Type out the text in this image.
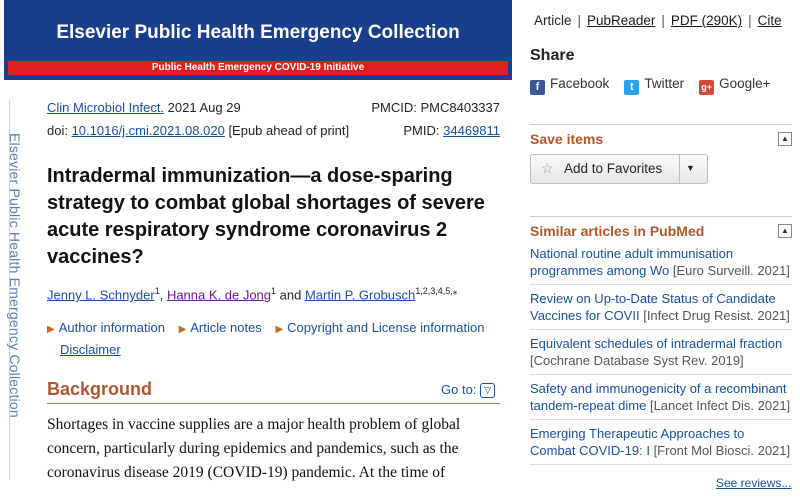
Elsevier Public Health Emergency Collection
Elsevier Public Health Emergency Collection
Public Health Emergency COVID-19 Initiative
Clin Microbiol Infect. 2021 Aug 29	PMCID: PMC8403337
doi: 10.1016/j.cmi.2021.08.020 [Epub ahead of print]	PMID: 34469811
Intradermal immunization—a dose-sparing strategy to combat global shortages of severe acute respiratory syndrome coronavirus 2 vaccines?
Jenny L. Schnyder$^1$, Hanna K. de Jong$^1$ and Martin P. Grobusch$^{1,2,3,4,5,⁎}$
▶ Author information ▶ Article notes ▶ Copyright and License information
Disclaimer
Background	Go to: ▽
Shortages in vaccine supplies are a major health problem of global concern, particularly during epidemics and pandemics, such as the coronavirus disease 2019 (COVID-19) pandemic. At the time of
Article | PubReader | PDF (290K) | Cite
Share
f Facebook t Twitter g+ Google+
Save items	▲
☆ Add to Favorites	▼
Similar articles in PubMed	▲
National routine adult immunisation programmes among Wo [Euro Surveill. 2021]
Review on Up-to-Date Status of Candidate Vaccines for COVII [Infect Drug Resist. 2021]
Equivalent schedules of intradermal fraction [Cochrane Database Syst Rev. 2019]
Safety and immunogenicity of a recombinant tandem-repeat dime [Lancet Infect Dis. 2021]
Emerging Therapeutic Approaches to Combat COVID-19: I [Front Mol Biosci. 2021]
See reviews...
